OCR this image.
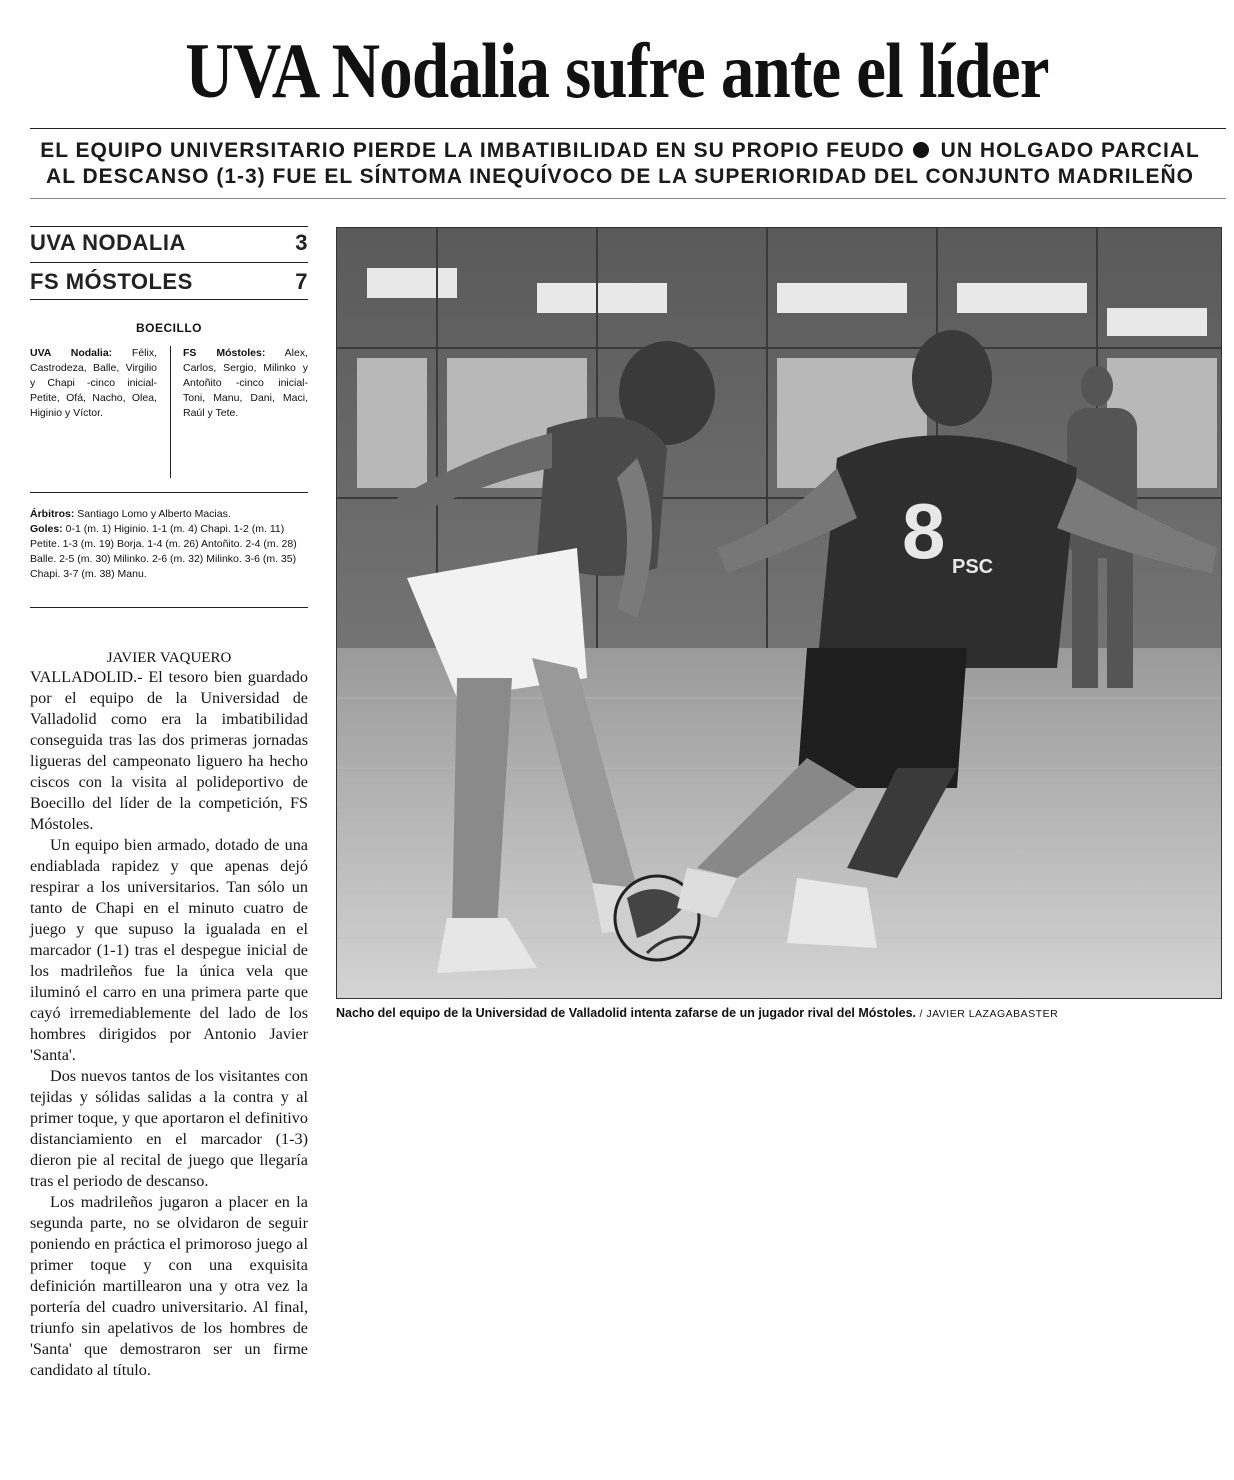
UVA Nodalia sufre ante el líder
EL EQUIPO UNIVERSITARIO PIERDE LA IMBATIBILIDAD EN SU PROPIO FEUDO UN HOLGADO PARCIAL
AL DESCANSO (1-3) FUE EL SÍNTOMA INEQUÍVOCO DE LA SUPERIORIDAD DEL CONJUNTO MADRILEÑO
UVA NODALIA	3
FS MÓSTOLES	7
BOECILLO
UVA Nodalia: Félix, Castrodeza, Balle, Virgilio y Chapi -cinco inicial- Petite, Ofá, Nacho, Olea, Higinio y Víctor.
FS Móstoles: Alex, Carlos, Sergio, Milinko y Antoñito -cinco inicial- Toni, Manu, Dani, Maci, Raúl y Tete.
Árbitros: Santiago Lomo y Alberto Macias.
Goles: 0-1 (m. 1) Higinio. 1-1 (m. 4) Chapi. 1-2 (m. 11) Petite. 1-3 (m. 19) Borja. 1-4 (m. 26) Antoñito. 2-4 (m. 28) Balle. 2-5 (m. 30) Milinko. 2-6 (m. 32) Milinko. 3-6 (m. 35) Chapi. 3-7 (m. 38) Manu.
JAVIER VAQUERO

VALLADOLID.- El tesoro bien guardado por el equipo de la Universidad de Valladolid como era la imbatibilidad conseguida tras las dos primeras jornadas ligueras del campeonato liguero ha hecho ciscos con la visita al polideportivo de Boecillo del líder de la competición, FS Móstoles.

Un equipo bien armado, dotado de una endiablada rapidez y que apenas dejó respirar a los universitarios. Tan sólo un tanto de Chapi en el minuto cuatro de juego y que supuso la igualada en el marcador (1-1) tras el despegue inicial de los madrileños fue la única vela que iluminó el carro en una primera parte que cayó irremediablemente del lado de los hombres dirigidos por Antonio Javier 'Santa'.

Dos nuevos tantos de los visitantes con tejidas y sólidas salidas a la contra y al primer toque, y que aportaron el definitivo distanciamiento en el marcador (1-3) dieron pie al recital de juego que llegaría tras el periodo de descanso.

Los madrileños jugaron a placer en la segunda parte, no se olvidaron de seguir poniendo en práctica el primoroso juego al primer toque y con una exquisita definición martillearon una y otra vez la portería del cuadro universitario. Al final, triunfo sin apelativos de los hombres de 'Santa' que demostraron ser un firme candidato al título.

8 PSC
Nacho del equipo de la Universidad de Valladolid intenta zafarse de un jugador rival del Móstoles. / JAVIER LAZAGABASTER
